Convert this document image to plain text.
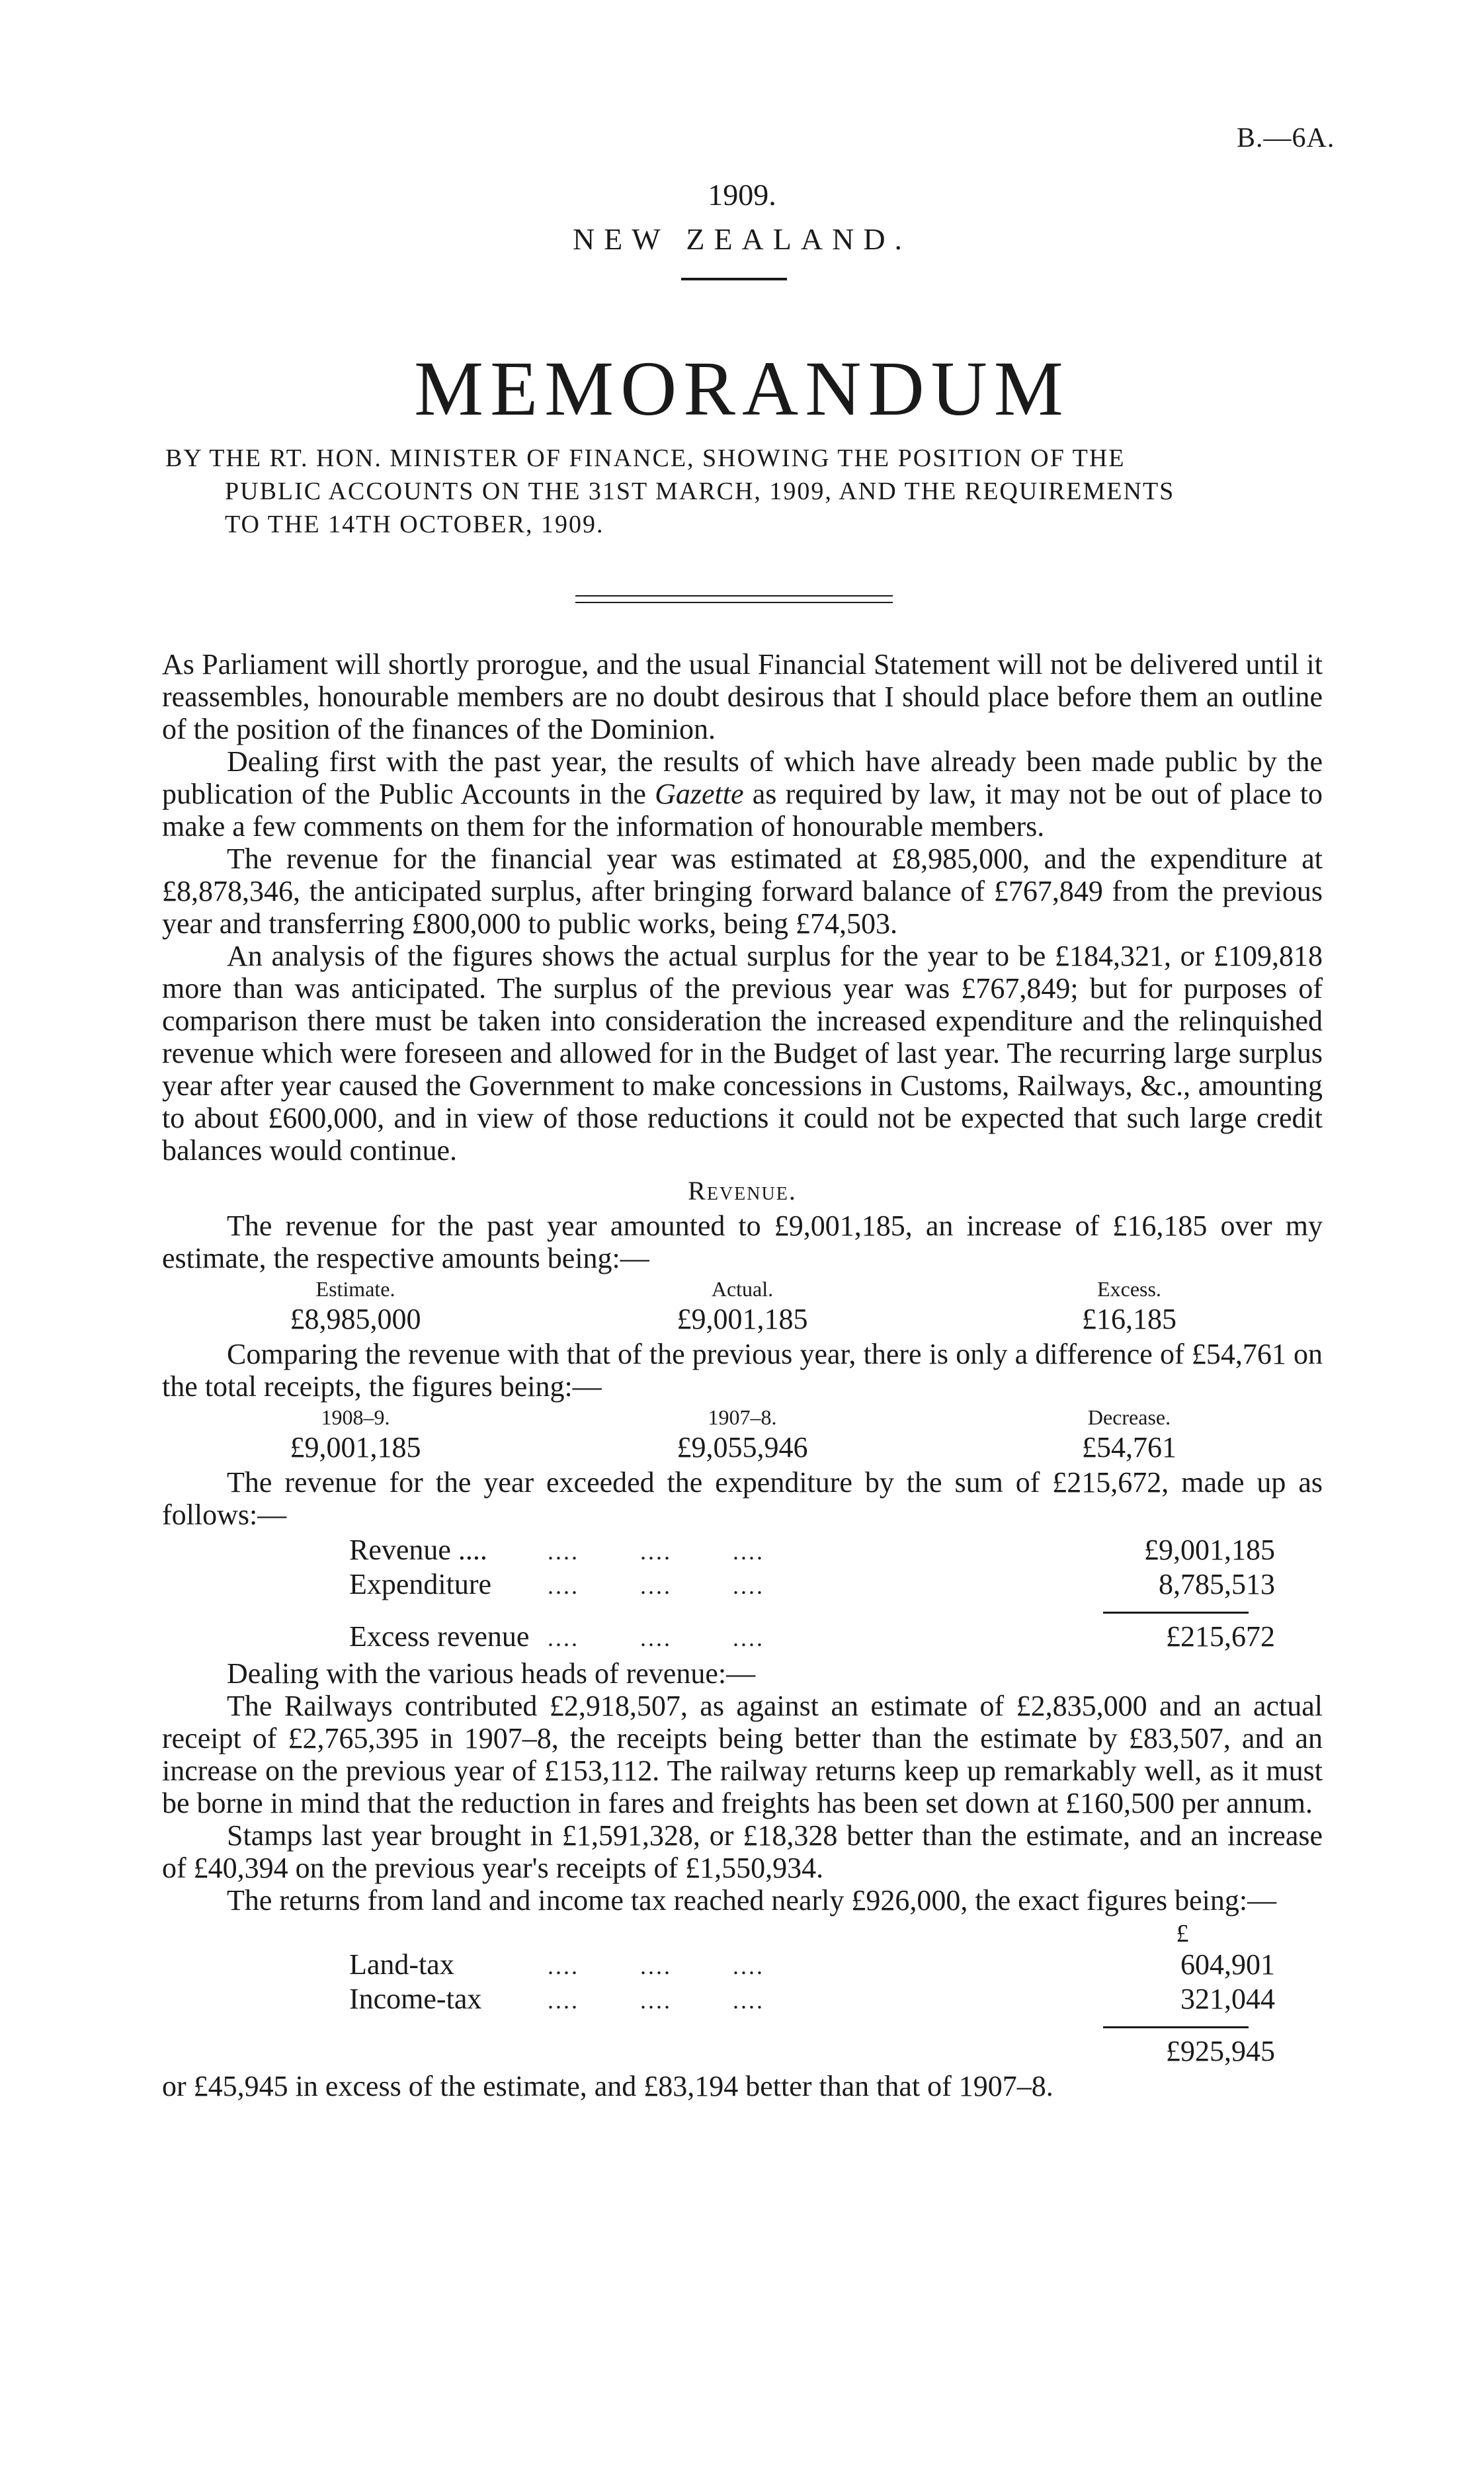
B.—6A.
1909.
NEW ZEALAND.
MEMORANDUM
BY THE RT. HON. MINISTER OF FINANCE, SHOWING THE POSITION OF THE
PUBLIC ACCOUNTS ON THE 31ST MARCH, 1909, AND THE REQUIREMENTS
TO THE 14TH OCTOBER, 1909.

As Parliament will shortly prorogue, and the usual Financial Statement will not be delivered until it reassembles, honourable members are no doubt desirous that I should place before them an outline of the position of the finances of the Dominion.

Dealing first with the past year, the results of which have already been made public by the publication of the Public Accounts in the Gazette as required by law, it may not be out of place to make a few comments on them for the information of honourable members.

The revenue for the financial year was estimated at £8,985,000, and the expenditure at £8,878,346, the anticipated surplus, after bringing forward balance of £767,849 from the previous year and transferring £800,000 to public works, being £74,503.

An analysis of the figures shows the actual surplus for the year to be £184,321, or £109,818 more than was anticipated. The surplus of the previous year was £767,849; but for purposes of comparison there must be taken into consideration the increased expenditure and the relinquished revenue which were foreseen and allowed for in the Budget of last year. The recurring large surplus year after year caused the Government to make concessions in Customs, Railways, &c., amounting to about £600,000, and in view of those reductions it could not be expected that such large credit balances would continue.

Revenue.

The revenue for the past year amounted to £9,001,185, an increase of £16,185 over my estimate, the respective amounts being:—

Estimate.	Actual.	Excess.
£8,985,000	£9,001,185	£16,185

Comparing the revenue with that of the previous year, there is only a difference of £54,761 on the total receipts, the figures being:—

1908–9.	1907–8.	Decrease.
£9,001,185	£9,055,946	£54,761

The revenue for the year exceeded the expenditure by the sum of £215,672, made up as follows:—

Revenue ....	.... .... ....	£9,001,185
Expenditure	.... .... ....	8,785,513
Excess revenue .... .... ....	£215,672

Dealing with the various heads of revenue:—

The Railways contributed £2,918,507, as against an estimate of £2,835,000 and an actual receipt of £2,765,395 in 1907–8, the receipts being better than the estimate by £83,507, and an increase on the previous year of £153,112. The railway returns keep up remarkably well, as it must be borne in mind that the reduction in fares and freights has been set down at £160,500 per annum.

Stamps last year brought in £1,591,328, or £18,328 better than the estimate, and an increase of £40,394 on the previous year's receipts of £1,550,934.

The returns from land and income tax reached nearly £926,000, the exact figures being:—

£
Land-tax	.... .... ....	604,901
Income-tax	.... .... ....	321,044
£925,945

or £45,945 in excess of the estimate, and £83,194 better than that of 1907–8.
